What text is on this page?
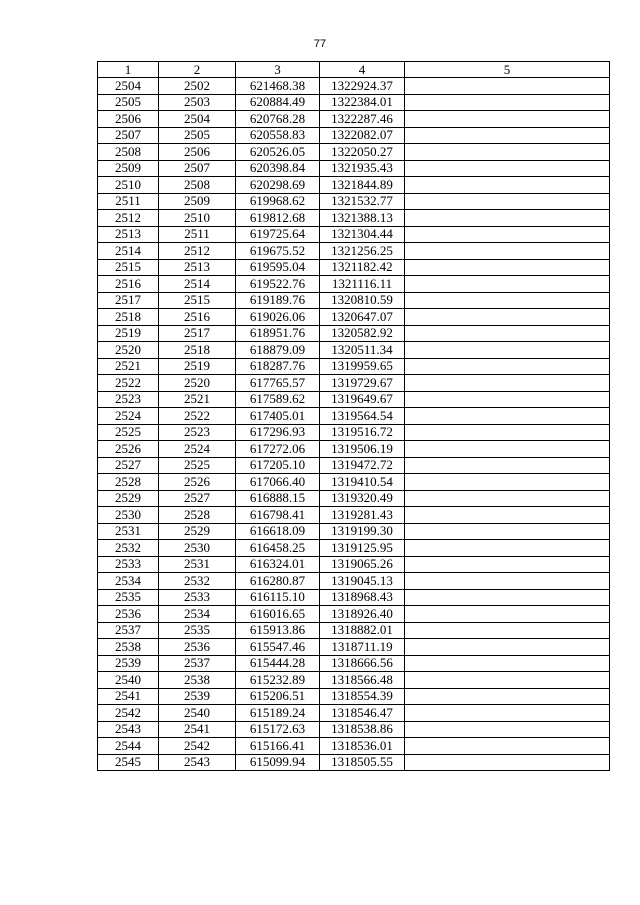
77
1	2	3	4	5
2504	2502	621468.38	1322924.37	
2505	2503	620884.49	1322384.01	
2506	2504	620768.28	1322287.46	
2507	2505	620558.83	1322082.07	
2508	2506	620526.05	1322050.27	
2509	2507	620398.84	1321935.43	
2510	2508	620298.69	1321844.89	
2511	2509	619968.62	1321532.77	
2512	2510	619812.68	1321388.13	
2513	2511	619725.64	1321304.44	
2514	2512	619675.52	1321256.25	
2515	2513	619595.04	1321182.42	
2516	2514	619522.76	1321116.11	
2517	2515	619189.76	1320810.59	
2518	2516	619026.06	1320647.07	
2519	2517	618951.76	1320582.92	
2520	2518	618879.09	1320511.34	
2521	2519	618287.76	1319959.65	
2522	2520	617765.57	1319729.67	
2523	2521	617589.62	1319649.67	
2524	2522	617405.01	1319564.54	
2525	2523	617296.93	1319516.72	
2526	2524	617272.06	1319506.19	
2527	2525	617205.10	1319472.72	
2528	2526	617066.40	1319410.54	
2529	2527	616888.15	1319320.49	
2530	2528	616798.41	1319281.43	
2531	2529	616618.09	1319199.30	
2532	2530	616458.25	1319125.95	
2533	2531	616324.01	1319065.26	
2534	2532	616280.87	1319045.13	
2535	2533	616115.10	1318968.43	
2536	2534	616016.65	1318926.40	
2537	2535	615913.86	1318882.01	
2538	2536	615547.46	1318711.19	
2539	2537	615444.28	1318666.56	
2540	2538	615232.89	1318566.48	
2541	2539	615206.51	1318554.39	
2542	2540	615189.24	1318546.47	
2543	2541	615172.63	1318538.86	
2544	2542	615166.41	1318536.01	
2545	2543	615099.94	1318505.55	
